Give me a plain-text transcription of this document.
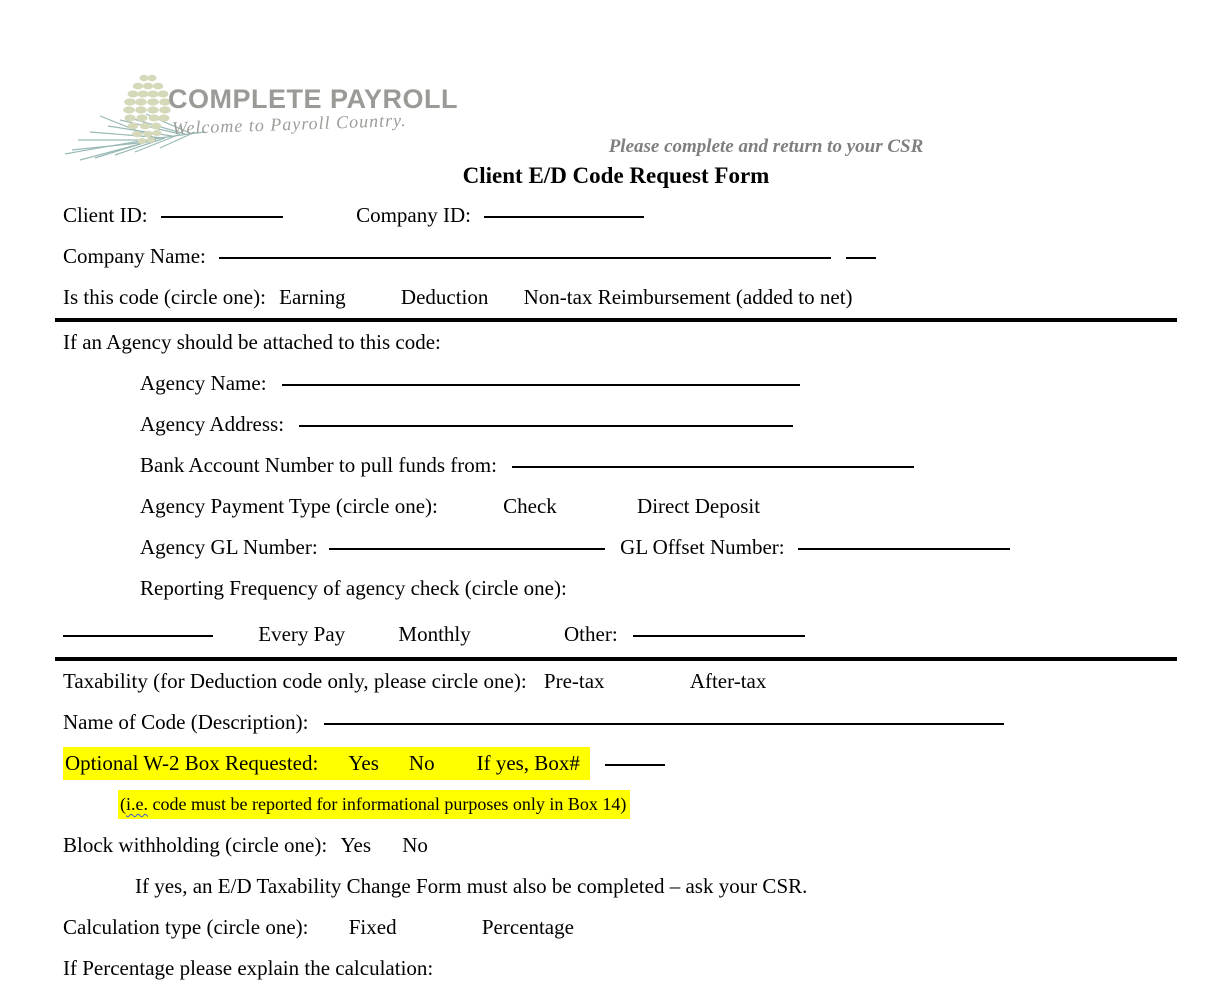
COMPLETE PAYROLL
Welcome to Payroll Country.
Please complete and return to your CSR
Client E/D Code Request Form
Client ID:	Company ID:
Company Name:
Is this code (circle one): Earning	Deduction Non-tax Reimbursement (added to net)
If an Agency should be attached to this code:
Agency Name:
Agency Address:
Bank Account Number to pull funds from:
Agency Payment Type (circle one):	Check	Direct Deposit
Agency GL Number:	GL Offset Number:
Reporting Frequency of agency check (circle one):
Every Pay	Monthly	Other:
Taxability (for Deduction code only, please circle one): Pre-tax	After-tax
Name of Code (Description):
Optional W-2 Box Requested: Yes No If yes, Box#
(i.e. code must be reported for informational purposes only in Box 14)
Block withholding (circle one): Yes No
If yes, an E/D Taxability Change Form must also be completed – ask your CSR.
Calculation type (circle one): Fixed	Percentage
If Percentage please explain the calculation:
